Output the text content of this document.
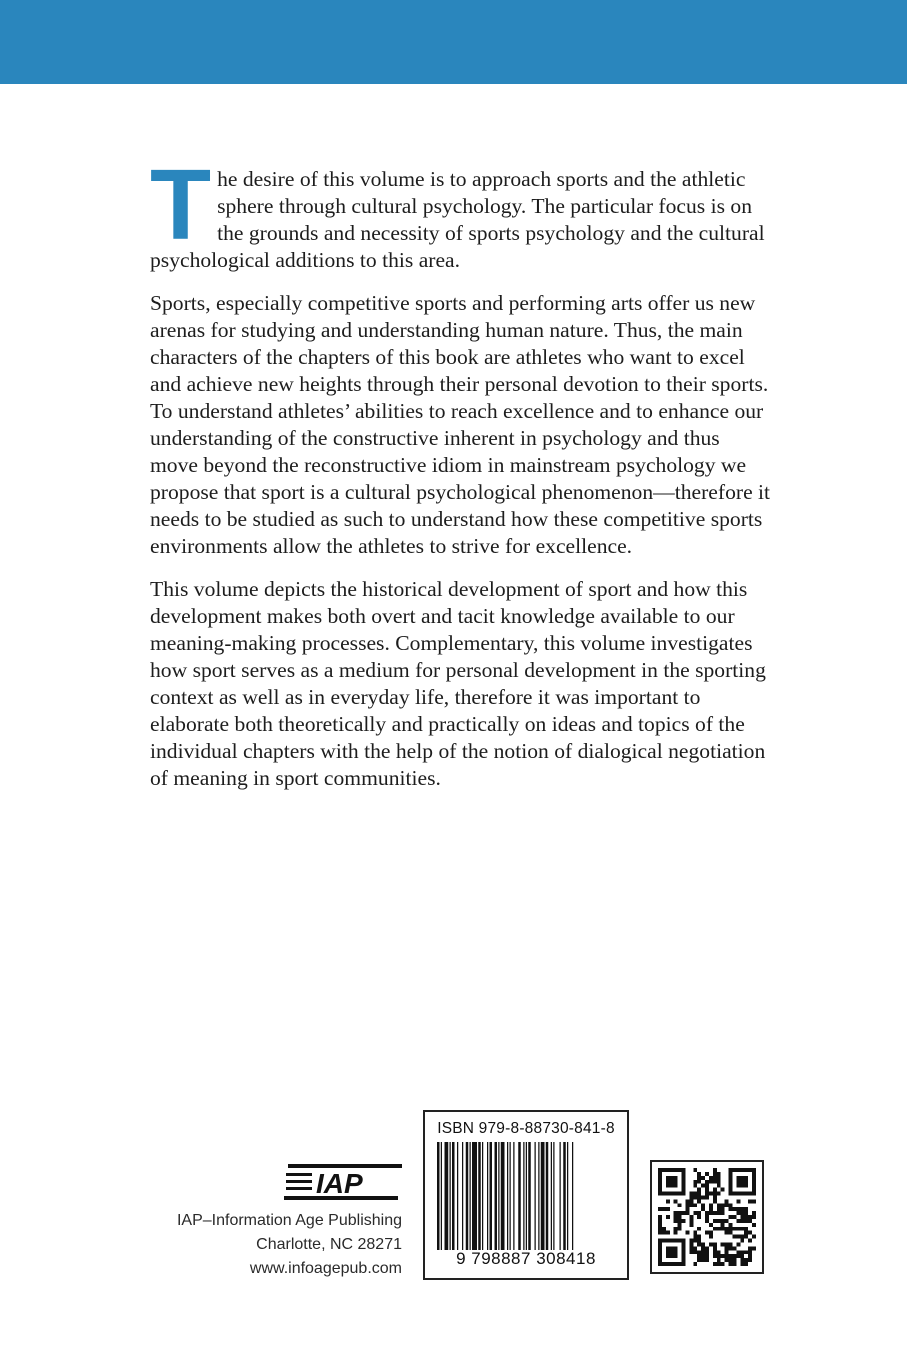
The desire of this volume is to approach sports and the athletic sphere through cultural psychology. The particular focus is on the grounds and necessity of sports psychology and the cultural psychological additions to this area.

Sports, especially competitive sports and performing arts offer us new arenas for studying and understanding human nature. Thus, the main characters of the chapters of this book are athletes who want to excel and achieve new heights through their personal devotion to their sports. To understand athletes’ abilities to reach excellence and to enhance our understanding of the constructive inherent in psychology and thus move beyond the reconstructive idiom in mainstream psychology we propose that sport is a cultural psychological phenomenon—therefore it needs to be studied as such to understand how these competitive sports environments allow the athletes to strive for excellence.

This volume depicts the historical development of sport and how this development makes both overt and tacit knowledge available to our meaning-making processes. Complementary, this volume investigates how sport serves as a medium for personal development in the sporting context as well as in everyday life, therefore it was important to elaborate both theoretically and practically on ideas and topics of the individual chapters with the help of the notion of dialogical negotiation of meaning in sport communities.

IAP
IAP–Information Age Publishing
Charlotte, NC 28271
www.infoagepub.com
ISBN 979-8-88730-841-8
9 798887 308418
